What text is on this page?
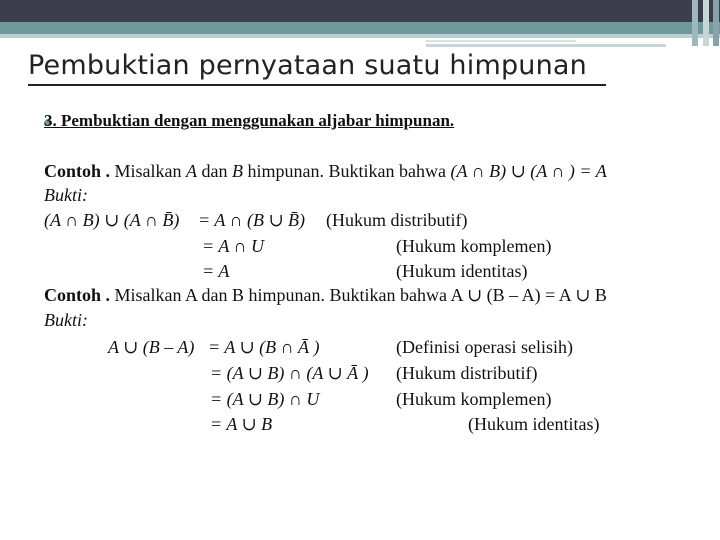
Pembuktian pernyataan suatu himpunan
3. Pembuktian dengan menggunakan aljabar himpunan.
Contoh . Misalkan A dan B himpunan. Buktikan bahwa (A ∩ B) ∪ (A ∩ ) = A
Bukti:
(A ∩ B) ∪ (A ∩ B̄) = A ∩ (B ∪ B̄) (Hukum distributif)
= A ∩ U	(Hukum komplemen)
= A	(Hukum identitas)
Contoh . Misalkan A dan B himpunan. Buktikan bahwa A ∪ (B – A) = A ∪ B
Bukti:
A ∪ (B – A) = A ∪ (B ∩ Ā )	(Definisi operasi selisih)
= (A ∪ B) ∩ (A ∪ Ā ) (Hukum distributif)
= (A ∪ B) ∩ U	(Hukum komplemen)
= A ∪ B	(Hukum identitas)
